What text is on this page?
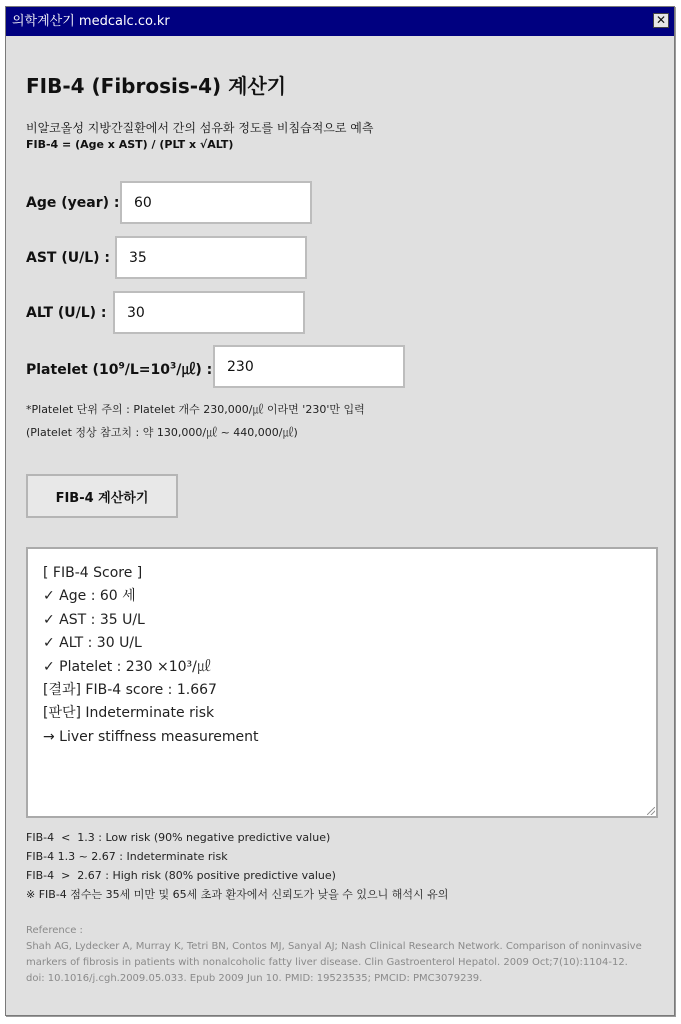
의학계산기 medcalc.co.kr	✕
FIB-4 (Fibrosis-4) 계산기
비알코올성 지방간질환에서 간의 섬유화 정도를 비침습적으로 예측
FIB-4 = (Age x AST) / (PLT x √ALT)
Age (year) :
60
AST (U/L) :
35
ALT (U/L) :
30
Platelet $(10^9/L=10^3/㎕)$ :
230
*Platelet 단위 주의 : Platelet 개수 230,000/㎕ 이라면 '230'만 입력
(Platelet 정상 참고치 : 약 130,000/㎕ ~ 440,000/㎕)
FIB-4 계산하기
[ FIB-4 Score ]
✓ Age : 60 세
✓ AST : 35 U/L
✓ ALT : 30 U/L
✓ Platelet : 230 ×10³/㎕
[결과] FIB-4 score : 1.667
[판단] Indeterminate risk
→ Liver stiffness measurement
FIB-4  <  1.3 : Low risk (90% negative predictive value)
FIB-4 1.3 ~ 2.67 : Indeterminate risk
FIB-4  >  2.67 : High risk (80% positive predictive value)
※ FIB-4 점수는 35세 미만 및 65세 초과 환자에서 신뢰도가 낮을 수 있으니 해석시 유의
Reference :
Shah AG, Lydecker A, Murray K, Tetri BN, Contos MJ, Sanyal AJ; Nash Clinical Research Network. Comparison of noninvasive markers of fibrosis in patients with nonalcoholic fatty liver disease. Clin Gastroenterol Hepatol. 2009 Oct;7(10):1104-12. doi: 10.1016/j.cgh.2009.05.033. Epub 2009 Jun 10. PMID: 19523535; PMCID: PMC3079239.
